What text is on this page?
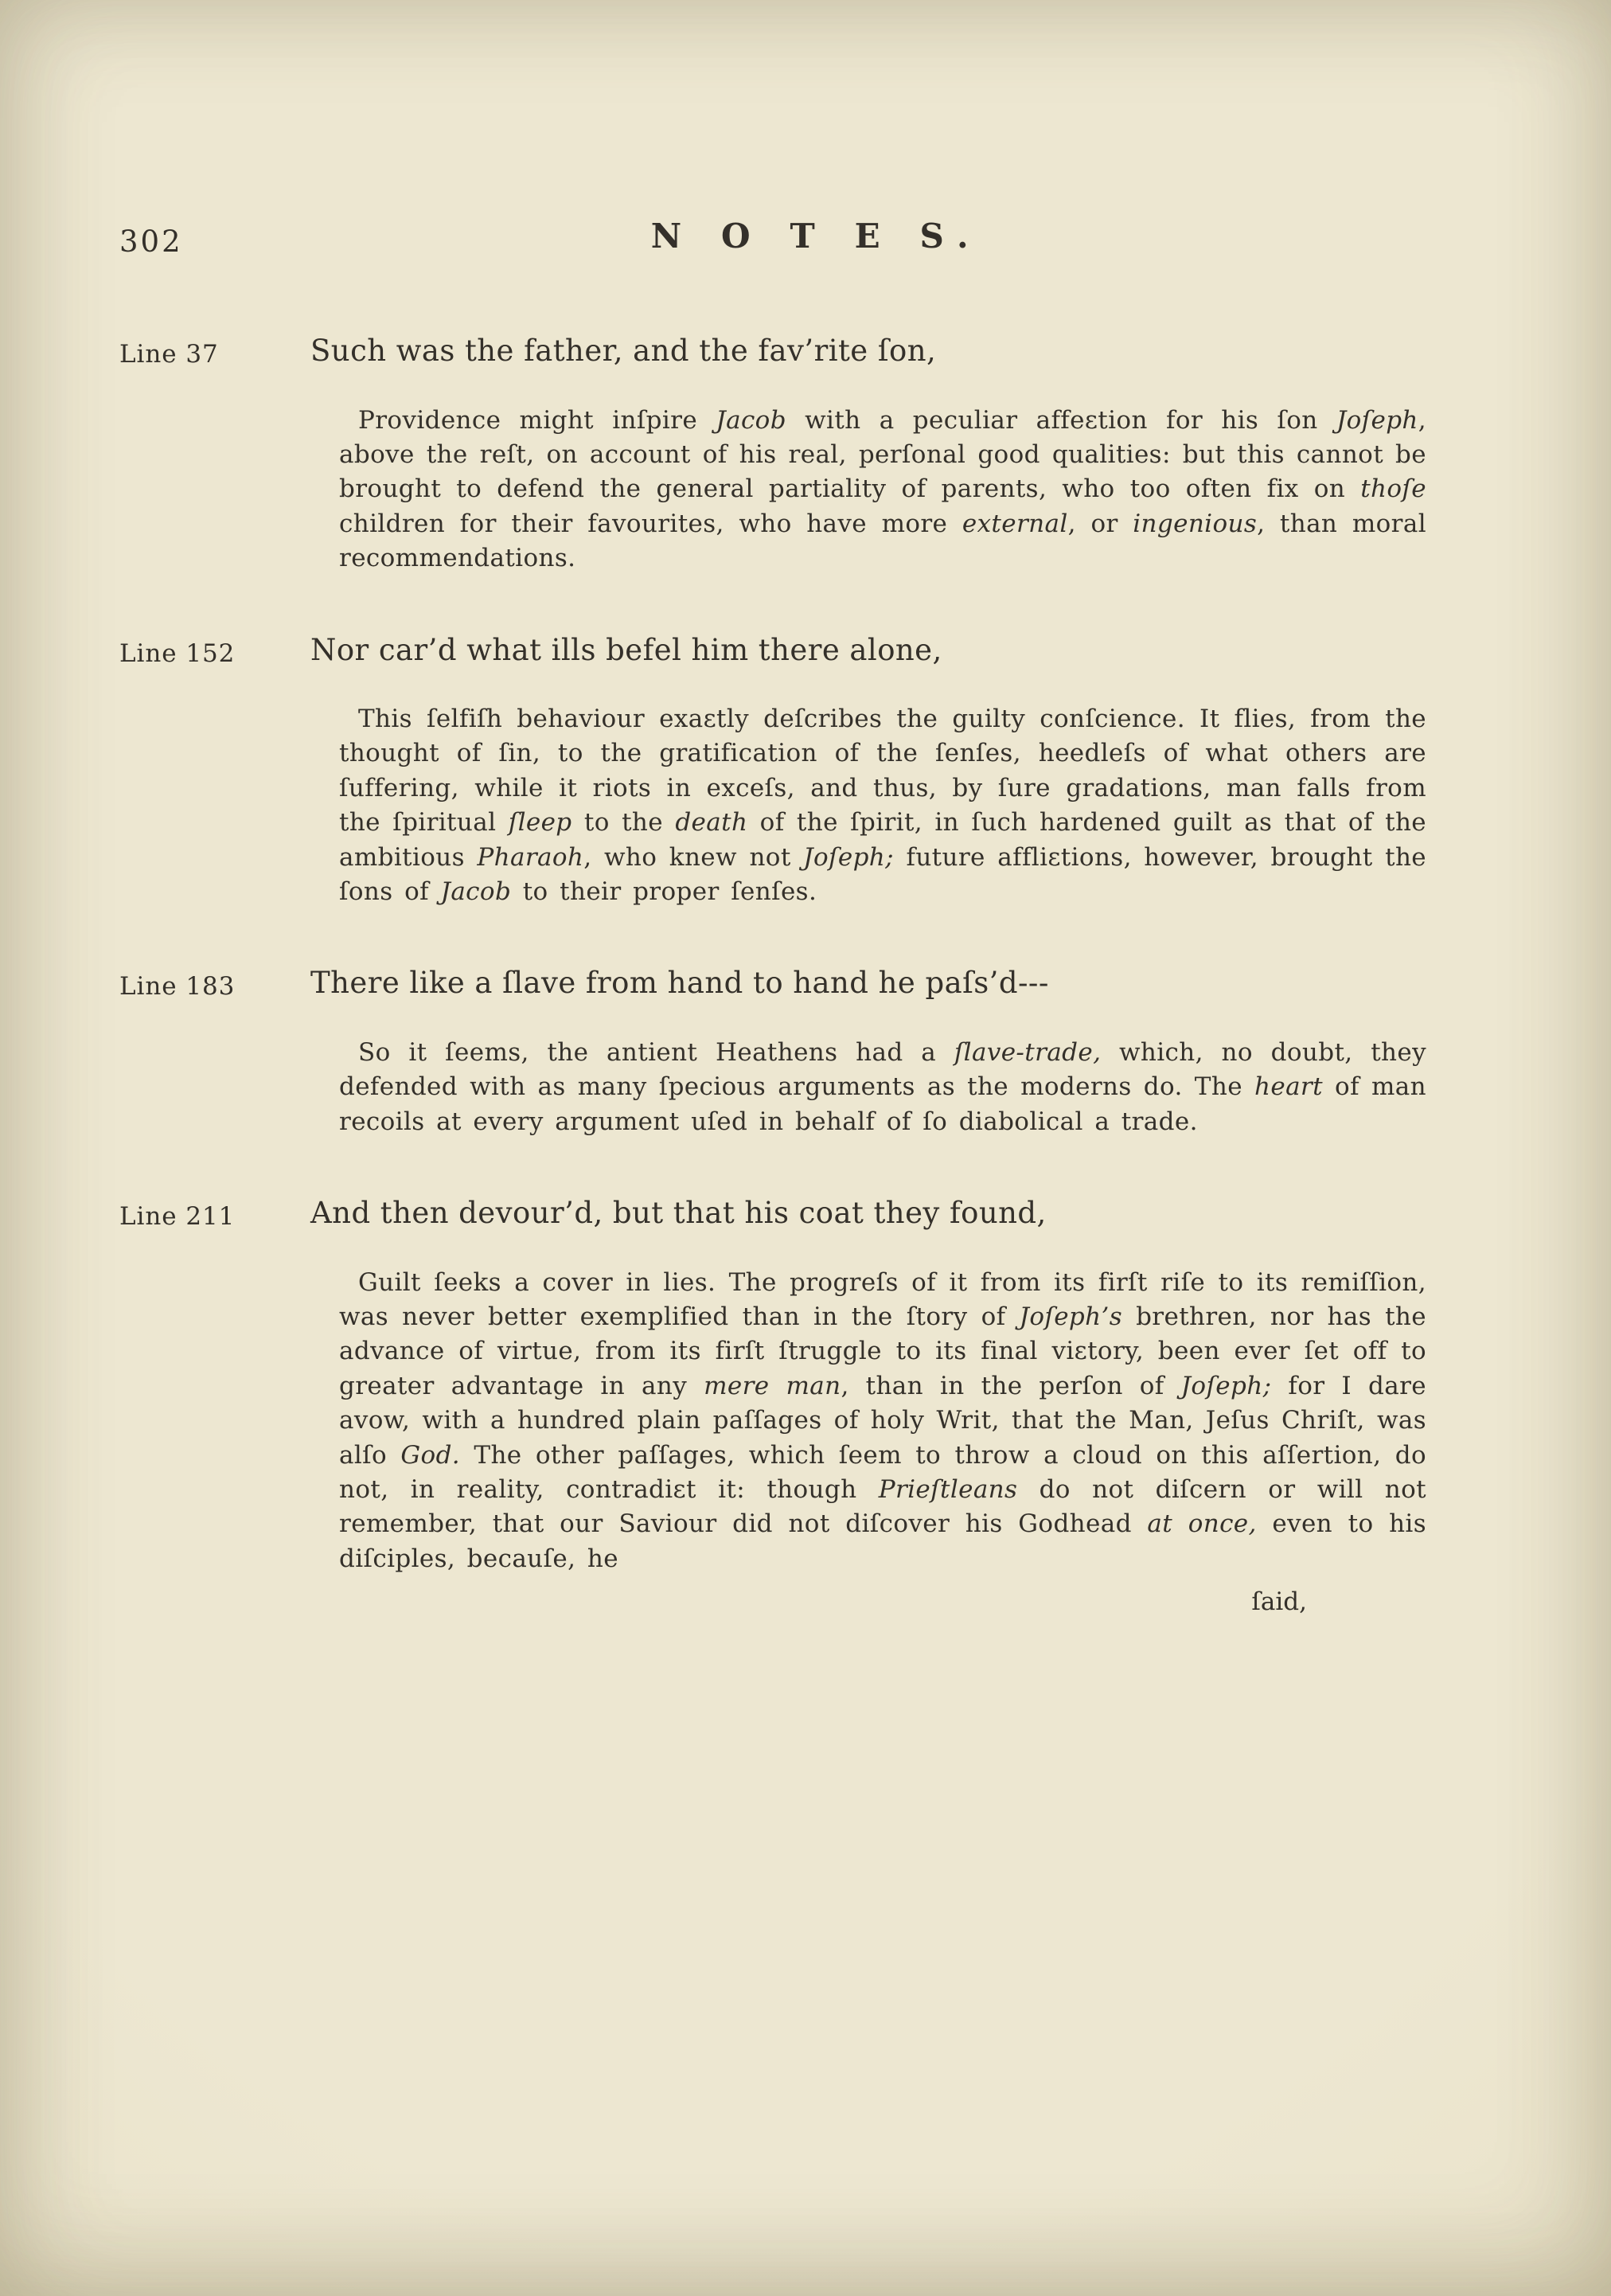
302	N O T E S.
Line 37	Such was the father, and the fav’rite ſon,

Providence might inſpire Jacob with a peculiar affeɛtion for his ſon Joſeph, above the reſt, on account of his real, perſonal good qualities: but this cannot be brought to defend the general partiality of parents, who too often fix on thoſe children for their favourites, who have more external, or ingenious, than moral recommendations.

Line 152	Nor car’d what ills befel him there alone,

This ſelfiſh behaviour exaɛtly deſcribes the guilty conſcience. It flies, from the thought of ſin, to the gratification of the ſenſes, heedleſs of what others are ſuffering, while it riots in exceſs, and thus, by ſure gradations, man falls from the ſpiritual ſleep to the death of the ſpirit, in ſuch hardened guilt as that of the ambitious Pharaoh, who knew not Joſeph; future affliɛtions, however, brought the ſons of Jacob to their proper ſenſes.

Line 183	There like a ſlave from hand to hand he paſs’d---

So it ſeems, the antient Heathens had a ſlave-trade, which, no doubt, they defended with as many ſpecious arguments as the moderns do. The heart of man recoils at every argument uſed in behalf of ſo diabolical a trade.

Line 211	And then devour’d, but that his coat they found,

Guilt ſeeks a cover in lies. The progreſs of it from its firſt riſe to its remiſſion, was never better exemplified than in the ſtory of Joſeph’s brethren, nor has the advance of virtue, from its firſt ſtruggle to its final viɛtory, been ever ſet off to greater advantage in any mere man, than in the perſon of Joſeph; for I dare avow, with a hundred plain paſſages of holy Writ, that the Man, Jeſus Chriſt, was alſo God. The other paſſages, which ſeem to throw a cloud on this aſſertion, do not, in reality, contradiɛt it: though Prieſtleans do not diſcern or will not remember, that our Saviour did not diſcover his Godhead at once, even to his diſciples, becauſe, he

ſaid,
